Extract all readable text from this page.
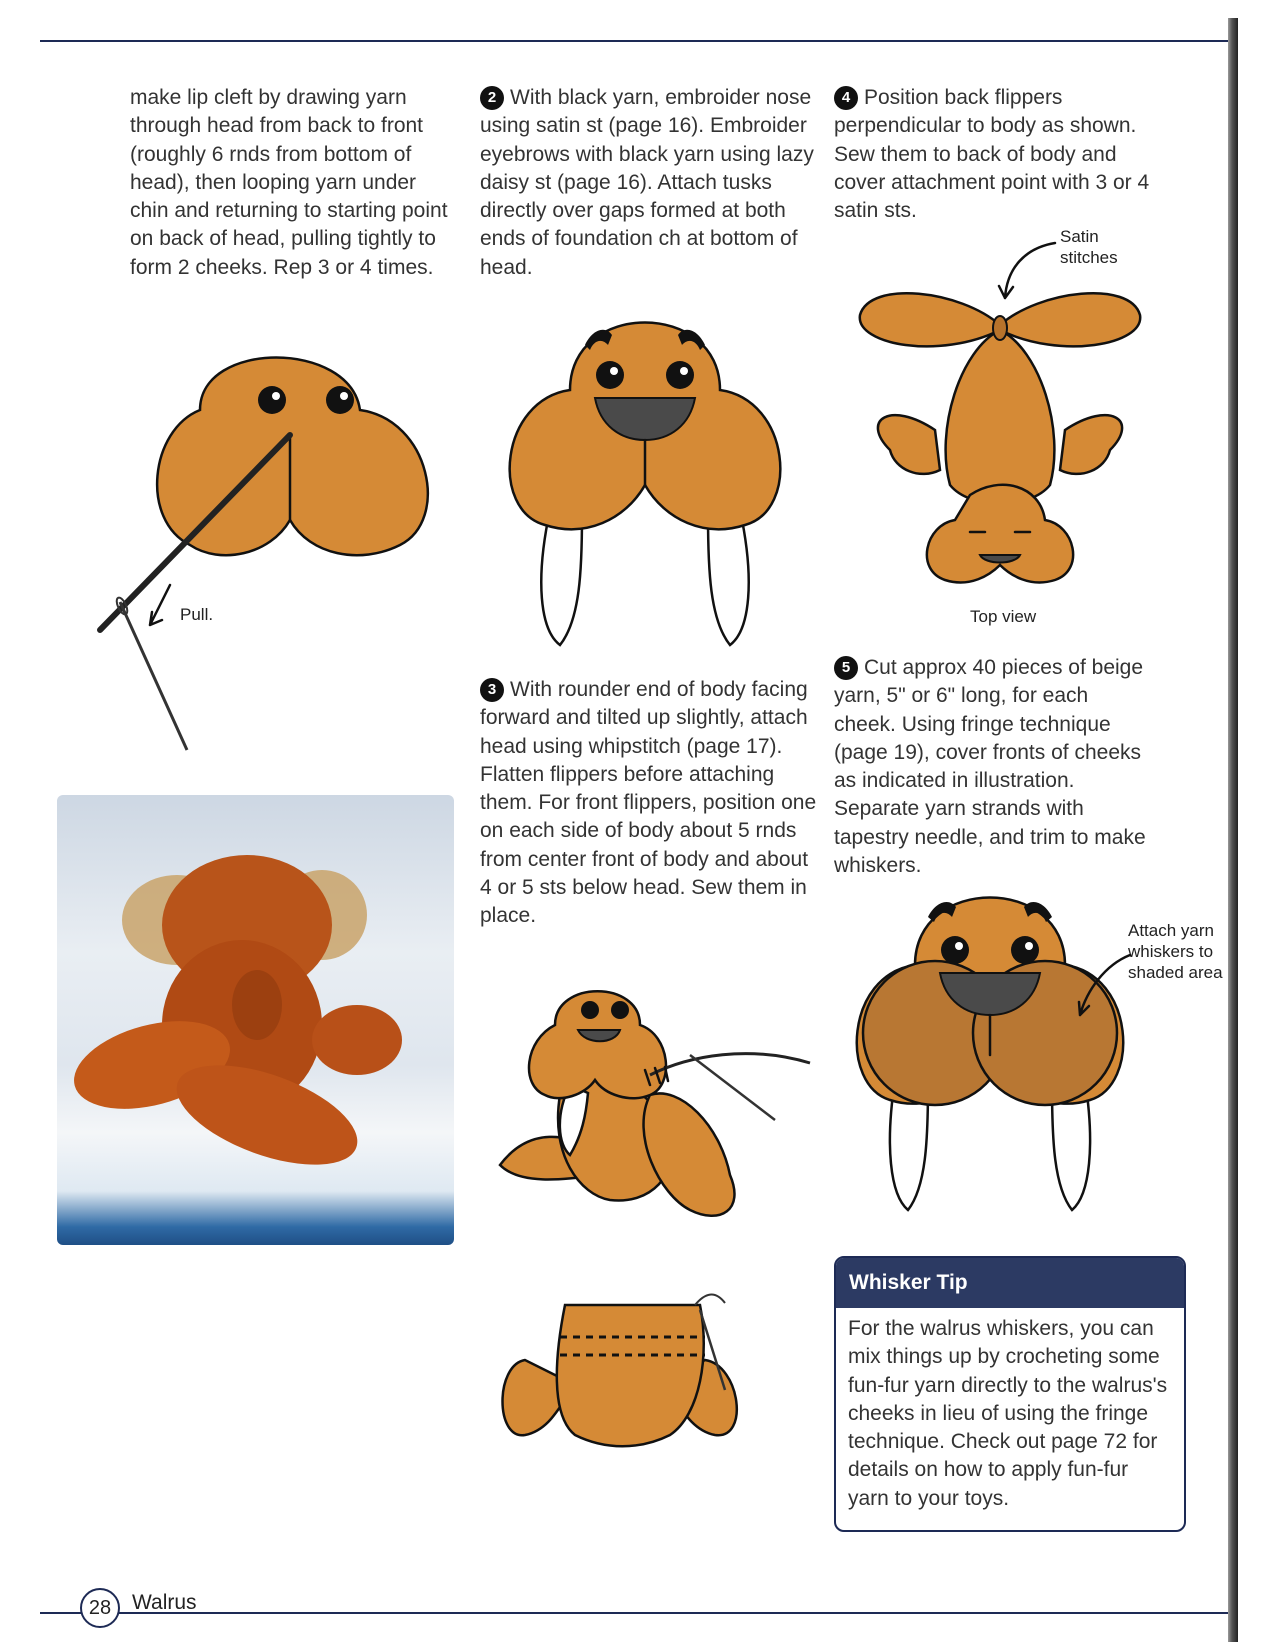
make lip cleft by drawing yarn through head from back to front (roughly 6 rnds from bottom of head), then looping yarn under chin and returning to starting point on back of head, pulling tightly to form 2 cheeks. Rep 3 or 4 times.

2 With black yarn, embroider nose using satin st (page 16). Embroider eyebrows with black yarn using lazy daisy st (page 16). Attach tusks directly over gaps formed at both ends of foundation ch at bottom of head.

4 Position back flippers perpendicular to body as shown. Sew them to back of body and cover attachment point with 3 or 4 satin sts.

Pull.
Satin stitches
Top view

3 With rounder end of body facing forward and tilted up slightly, attach head using whipstitch (page 17). Flatten flippers before attaching them. For front flippers, position one on each side of body about 5 rnds from center front of body and about 4 or 5 sts below head. Sew them in place.

5 Cut approx 40 pieces of beige yarn, 5" or 6" long, for each cheek. Using fringe technique (page 19), cover fronts of cheeks as indicated in illustration. Separate yarn strands with tapestry needle, and trim to make whiskers.

Attach yarn whiskers to shaded area
Whisker Tip
For the walrus whiskers, you can mix things up by crocheting some fun-fur yarn directly to the walrus's cheeks in lieu of using the fringe technique. Check out page 72 for details on how to apply fun-fur yarn to your toys.
28 Walrus
